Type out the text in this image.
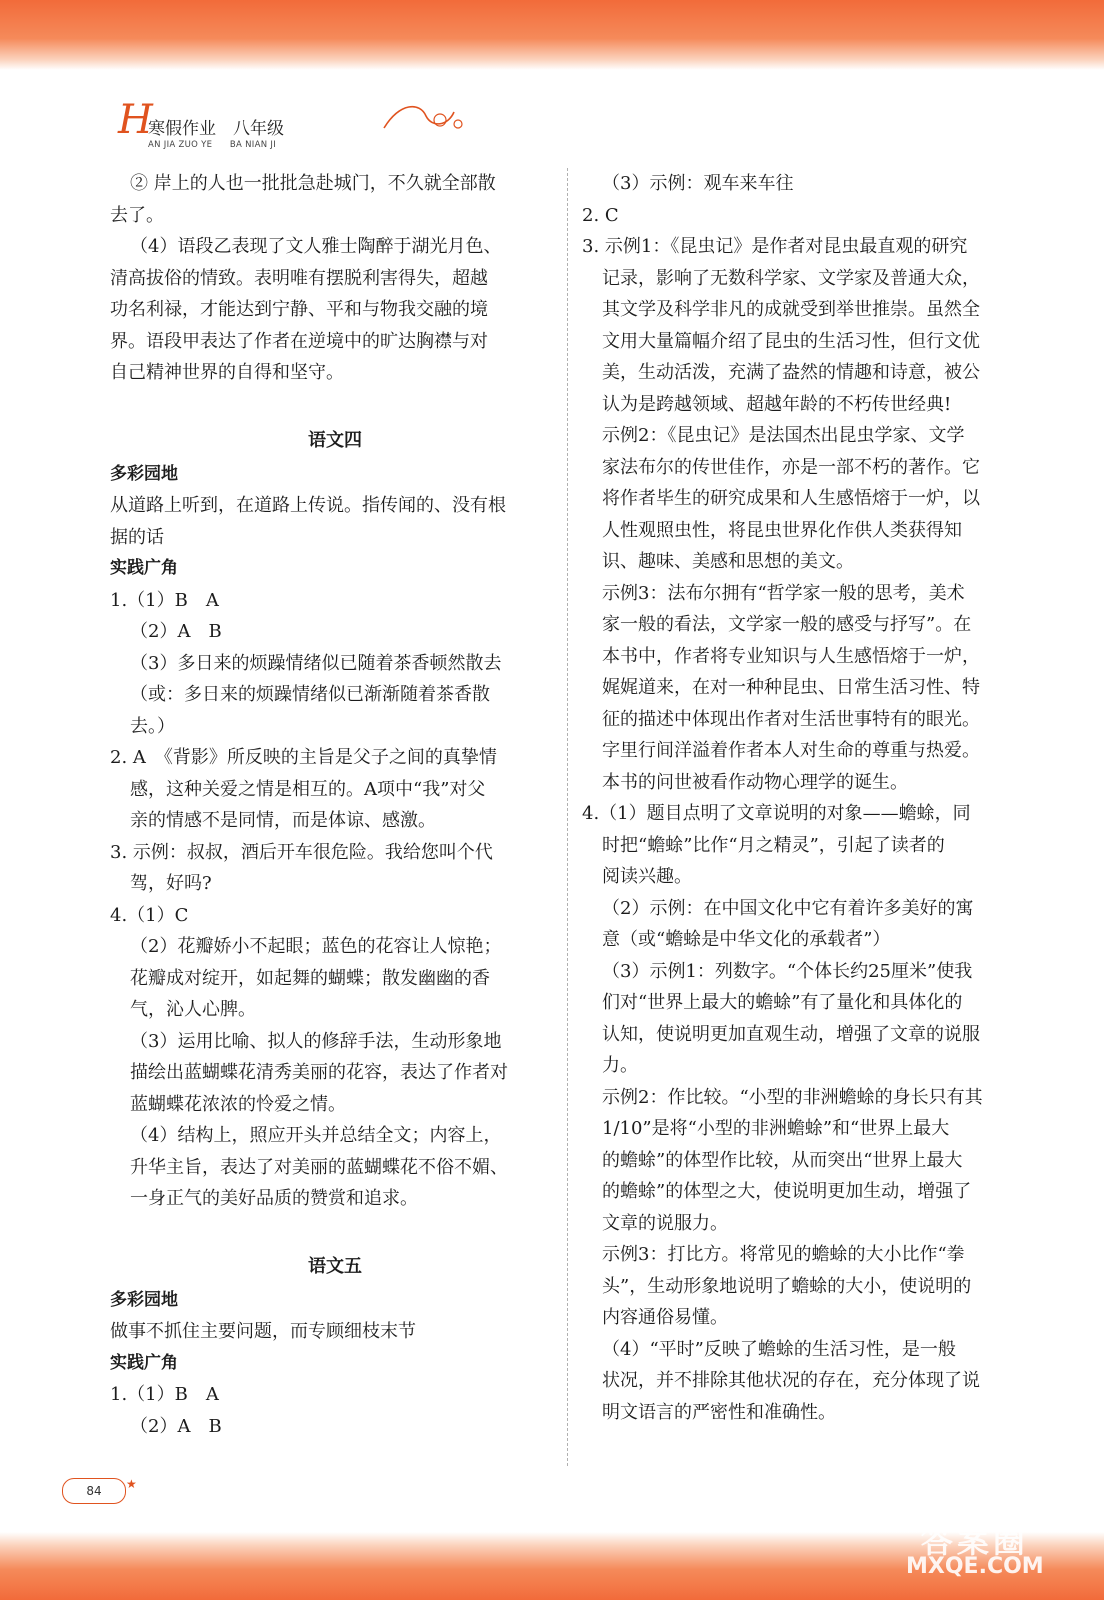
H
寒假作业　八年级
AN JIA ZUO YE　　BA NIAN JI

② 岸上的人也一批批急赴城门，不久就全部散

去了。

（4）语段乙表现了文人雅士陶醉于湖光月色、

清高拔俗的情致。表明唯有摆脱利害得失，超越

功名利禄，才能达到宁静、平和与物我交融的境

界。语段甲表达了作者在逆境中的旷达胸襟与对

自己精神世界的自得和坚守。

语文四

多彩园地

从道路上听到，在道路上传说。指传闻的、没有根

据的话

实践广角

1.（1）B　A

（2）A　B

（3）多日来的烦躁情绪似已随着茶香顿然散去

（或：多日来的烦躁情绪似已渐渐随着茶香散

去。）

2. A　《背影》所反映的主旨是父子之间的真挚情

感，这种关爱之情是相互的。A项中“我”对父

亲的情感不是同情，而是体谅、感激。

3. 示例：叔叔，酒后开车很危险。我给您叫个代

驾，好吗?

4.（1）C

（2）花瓣娇小不起眼；蓝色的花容让人惊艳；

花瓣成对绽开，如起舞的蝴蝶；散发幽幽的香

气，沁人心脾。

（3）运用比喻、拟人的修辞手法，生动形象地

描绘出蓝蝴蝶花清秀美丽的花容，表达了作者对

蓝蝴蝶花浓浓的怜爱之情。

（4）结构上，照应开头并总结全文；内容上，

升华主旨，表达了对美丽的蓝蝴蝶花不俗不媚、

一身正气的美好品质的赞赏和追求。

语文五

多彩园地

做事不抓住主要问题，而专顾细枝末节

实践广角

1.（1）B　A

（2）A　B

（3）示例：观车来车往

2. C

3. 示例1：《昆虫记》是作者对昆虫最直观的研究

记录，影响了无数科学家、文学家及普通大众，

其文学及科学非凡的成就受到举世推崇。虽然全

文用大量篇幅介绍了昆虫的生活习性，但行文优

美，生动活泼，充满了盎然的情趣和诗意，被公

认为是跨越领域、超越年龄的不朽传世经典!

示例2：《昆虫记》是法国杰出昆虫学家、文学

家法布尔的传世佳作，亦是一部不朽的著作。它

将作者毕生的研究成果和人生感悟熔于一炉，以

人性观照虫性，将昆虫世界化作供人类获得知

识、趣味、美感和思想的美文。

示例3：法布尔拥有“哲学家一般的思考，美术

家一般的看法，文学家一般的感受与抒写”。在

本书中，作者将专业知识与人生感悟熔于一炉，

娓娓道来，在对一种种昆虫、日常生活习性、特

征的描述中体现出作者对生活世事特有的眼光。

字里行间洋溢着作者本人对生命的尊重与热爱。

本书的问世被看作动物心理学的诞生。

4.（1）题目点明了文章说明的对象——蟾蜍，同

时把“蟾蜍”比作“月之精灵”，引起了读者的

阅读兴趣。

（2）示例：在中国文化中它有着许多美好的寓

意（或“蟾蜍是中华文化的承载者”）

（3）示例1：列数字。“个体长约25厘米”使我

们对“世界上最大的蟾蜍”有了量化和具体化的

认知，使说明更加直观生动，增强了文章的说服

力。

示例2：作比较。“小型的非洲蟾蜍的身长只有其

1/10”是将“小型的非洲蟾蜍”和“世界上最大

的蟾蜍”的体型作比较，从而突出“世界上最大

的蟾蜍”的体型之大，使说明更加生动，增强了

文章的说服力。

示例3：打比方。将常见的蟾蜍的大小比作“拳

头”，生动形象地说明了蟾蜍的大小，使说明的

内容通俗易懂。

（4）“平时”反映了蟾蜍的生活习性，是一般

状况，并不排除其他状况的存在，充分体现了说

明文语言的严密性和准确性。

84	★
答案圈
MXQE.COM
